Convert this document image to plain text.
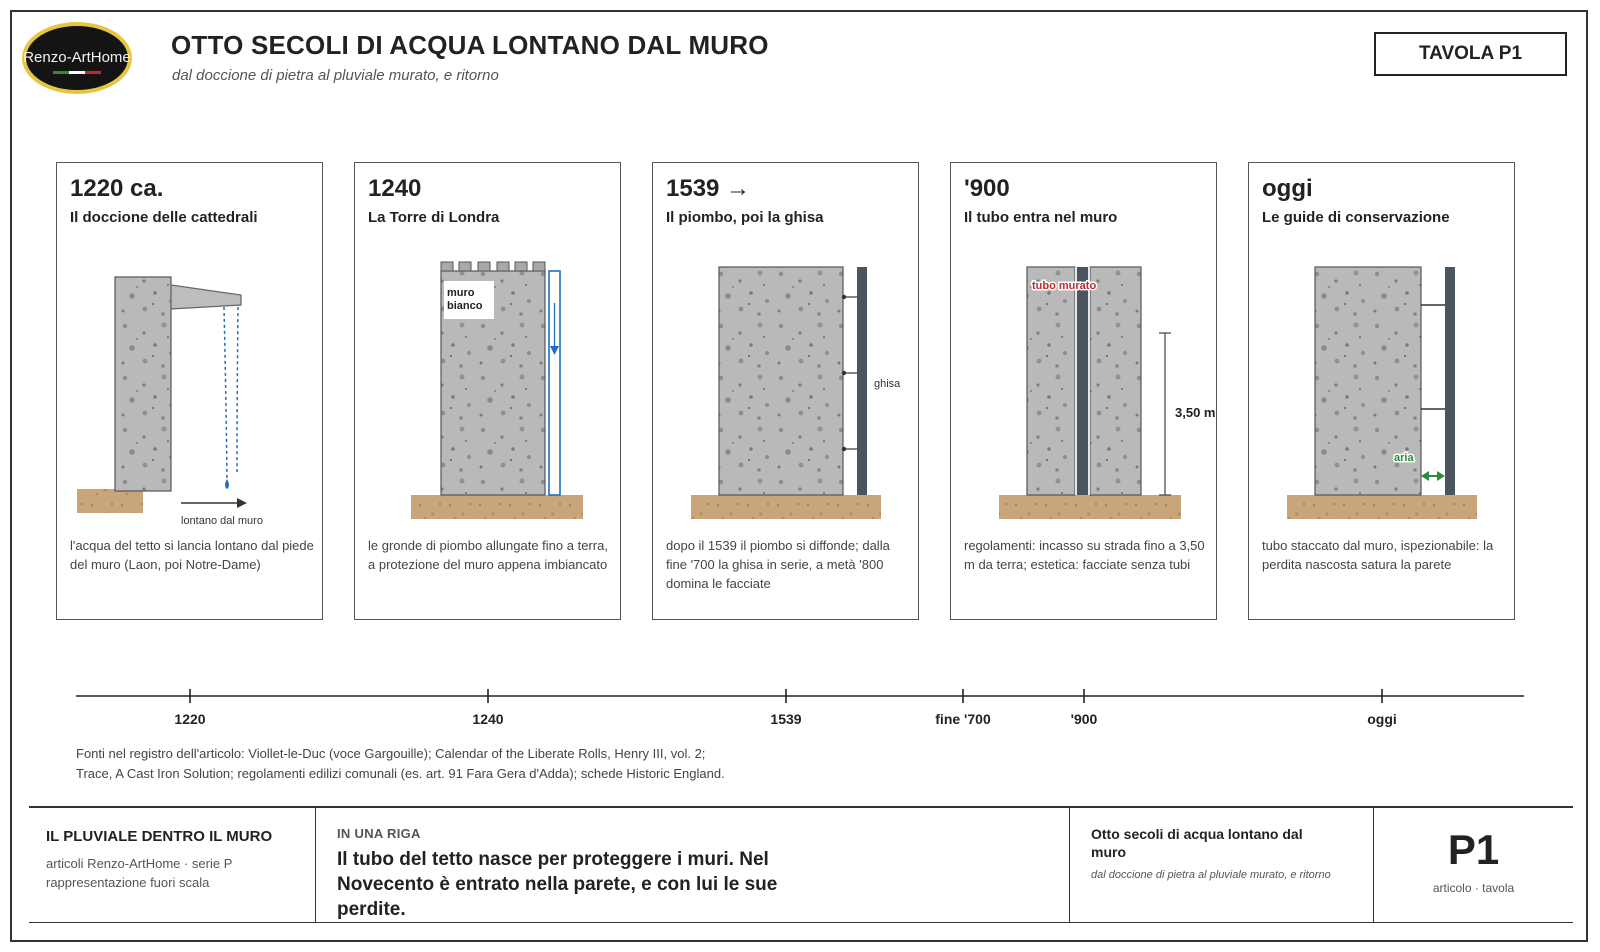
Renzo-ArtHome OTTO SECOLI DI ACQUA LONTANO DAL MURO
dal doccione di pietra al pluviale murato, e ritorno
TAVOLA P1
1220 ca.
Il doccione delle cattedrali
lontano dal muro
l'acqua del tetto si lancia lontano dal piede del muro (Laon, poi Notre-Dame)
1240
La Torre di Londra
muro bianco
le gronde di piombo allungate fino a terra, a protezione del muro appena imbiancato
1539 →
Il piombo, poi la ghisa
ghisa
dopo il 1539 il piombo si diffonde; dalla fine '700 la ghisa in serie, a metà '800 domina le facciate
'900
Il tubo entra nel muro
tubo murato
3,50 m
regolamenti: incasso su strada fino a 3,50 m da terra; estetica: facciate senza tubi
oggi
Le guide di conservazione
aria
tubo staccato dal muro, ispezionabile: la perdita nascosta satura la parete
1220	1240	1539	fine '700	'900	oggi
Fonti nel registro dell'articolo: Viollet-le-Duc (voce Gargouille); Calendar of the Liberate Rolls, Henry III, vol. 2;
Trace, A Cast Iron Solution; regolamenti edilizi comunali (es. art. 91 Fara Gera d'Adda); schede Historic England.
IL PLUVIALE DENTRO IL MURO
articoli Renzo-ArtHome · serie P
rappresentazione fuori scala
IN UNA RIGA
Il tubo del tetto nasce per proteggere i muri. Nel Novecento è entrato nella parete, e con lui le sue perdite.
Otto secoli di acqua lontano dal muro
dal doccione di pietra al pluviale murato, e ritorno
P1
articolo · tavola
